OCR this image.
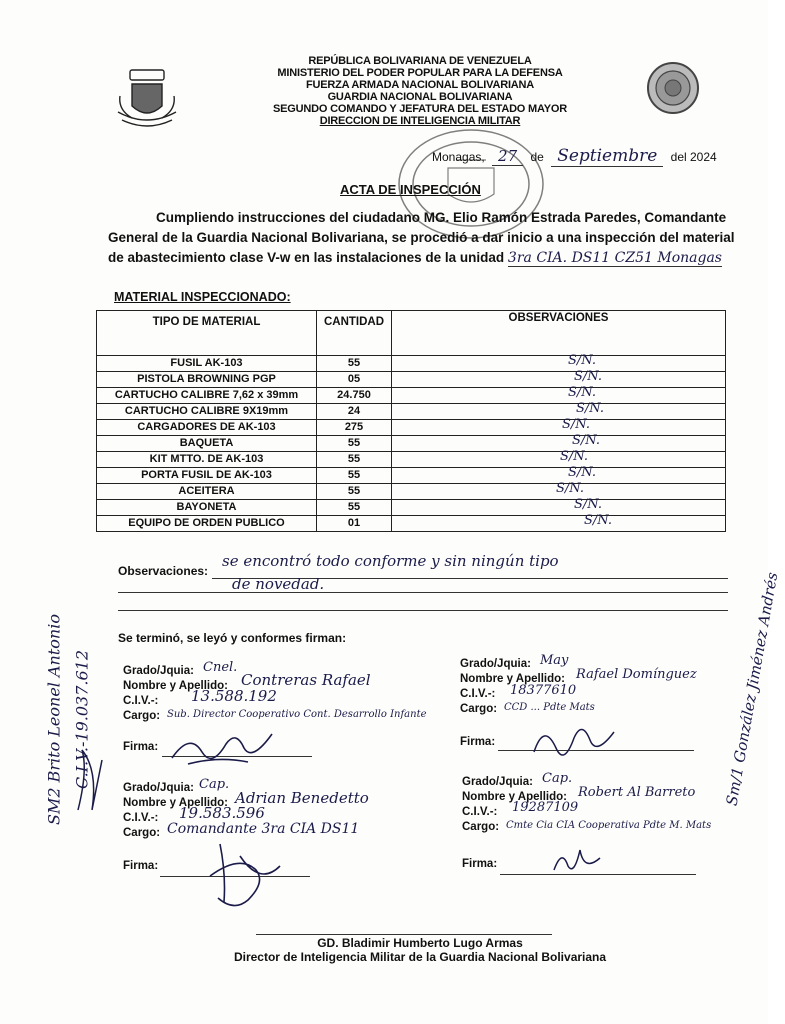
REPÚBLICA BOLIVARIANA DE VENEZUELA
MINISTERIO DEL PODER POPULAR PARA LA DEFENSA
FUERZA ARMADA NACIONAL BOLIVARIANA
GUARDIA NACIONAL BOLIVARIANA
SEGUNDO COMANDO Y JEFATURA DEL ESTADO MAYOR
DIRECCION DE INTELIGENCIA MILITAR
Monagas, 27 de Septiembre del 2024
ACTA DE INSPECCIÓN

Cumpliendo instrucciones del ciudadano MG. Elio Ramón Estrada Paredes, Comandante General de la Guardia Nacional Bolivariana, se procedió a dar inicio a una inspección del material de abastecimiento clase V-w en las instalaciones de la unidad 3ra CIA. DS11 CZ51 Monagas

MATERIAL INSPECCIONADO:
TIPO DE MATERIAL	CANTIDAD	OBSERVACIONES
FUSIL AK-103	55	S/N.

PISTOLA BROWNING PGP	05	S/N.

CARTUCHO CALIBRE 7,62 x 39mm	24.750	S/N.

CARTUCHO CALIBRE 9X19mm	24	S/N.

CARGADORES DE AK-103	275	S/N.

BAQUETA	55	S/N.

KIT MTTO. DE AK-103	55	S/N.

PORTA FUSIL DE AK-103	55	S/N.

ACEITERA	55	S/N.

BAYONETA	55	S/N.

EQUIPO DE ORDEN PUBLICO	01	S/N.
Observaciones:
se encontró todo conforme y sin ningún tipo
de novedad.
Se terminó, se leyó y conformes firman:
Grado/Jquia: Cnel.
Nombre y Apellido: Contreras Rafael
C.I.V.-: 13.588.192
Cargo: Sub. Director Cooperativo Cont. Desarrollo Infante
Firma:
Grado/Jquia: May
Nombre y Apellido: Rafael Domínguez
C.I.V.-: 18377610
Cargo: CCD ... Pdte Mats
Firma:
Grado/Jquia: Cap.
Nombre y Apellido: Adrian Benedetto
C.I.V.-: 19.583.596
Cargo: Comandante 3ra CIA DS11
Firma:
Grado/Jquia: Cap.
Nombre y Apellido: Robert Al Barreto
C.I.V.-: 19287109
Cargo: Cmte Cia CIA Cooperativa Pdte M. Mats
Firma:
GD. Bladimir Humberto Lugo Armas
Director de Inteligencia Militar de la Guardia Nacional Bolivariana
SM2 Brito Leonel Antonio C.I.V.-19.037.612	Sm/1 González Jiménez Andrés
